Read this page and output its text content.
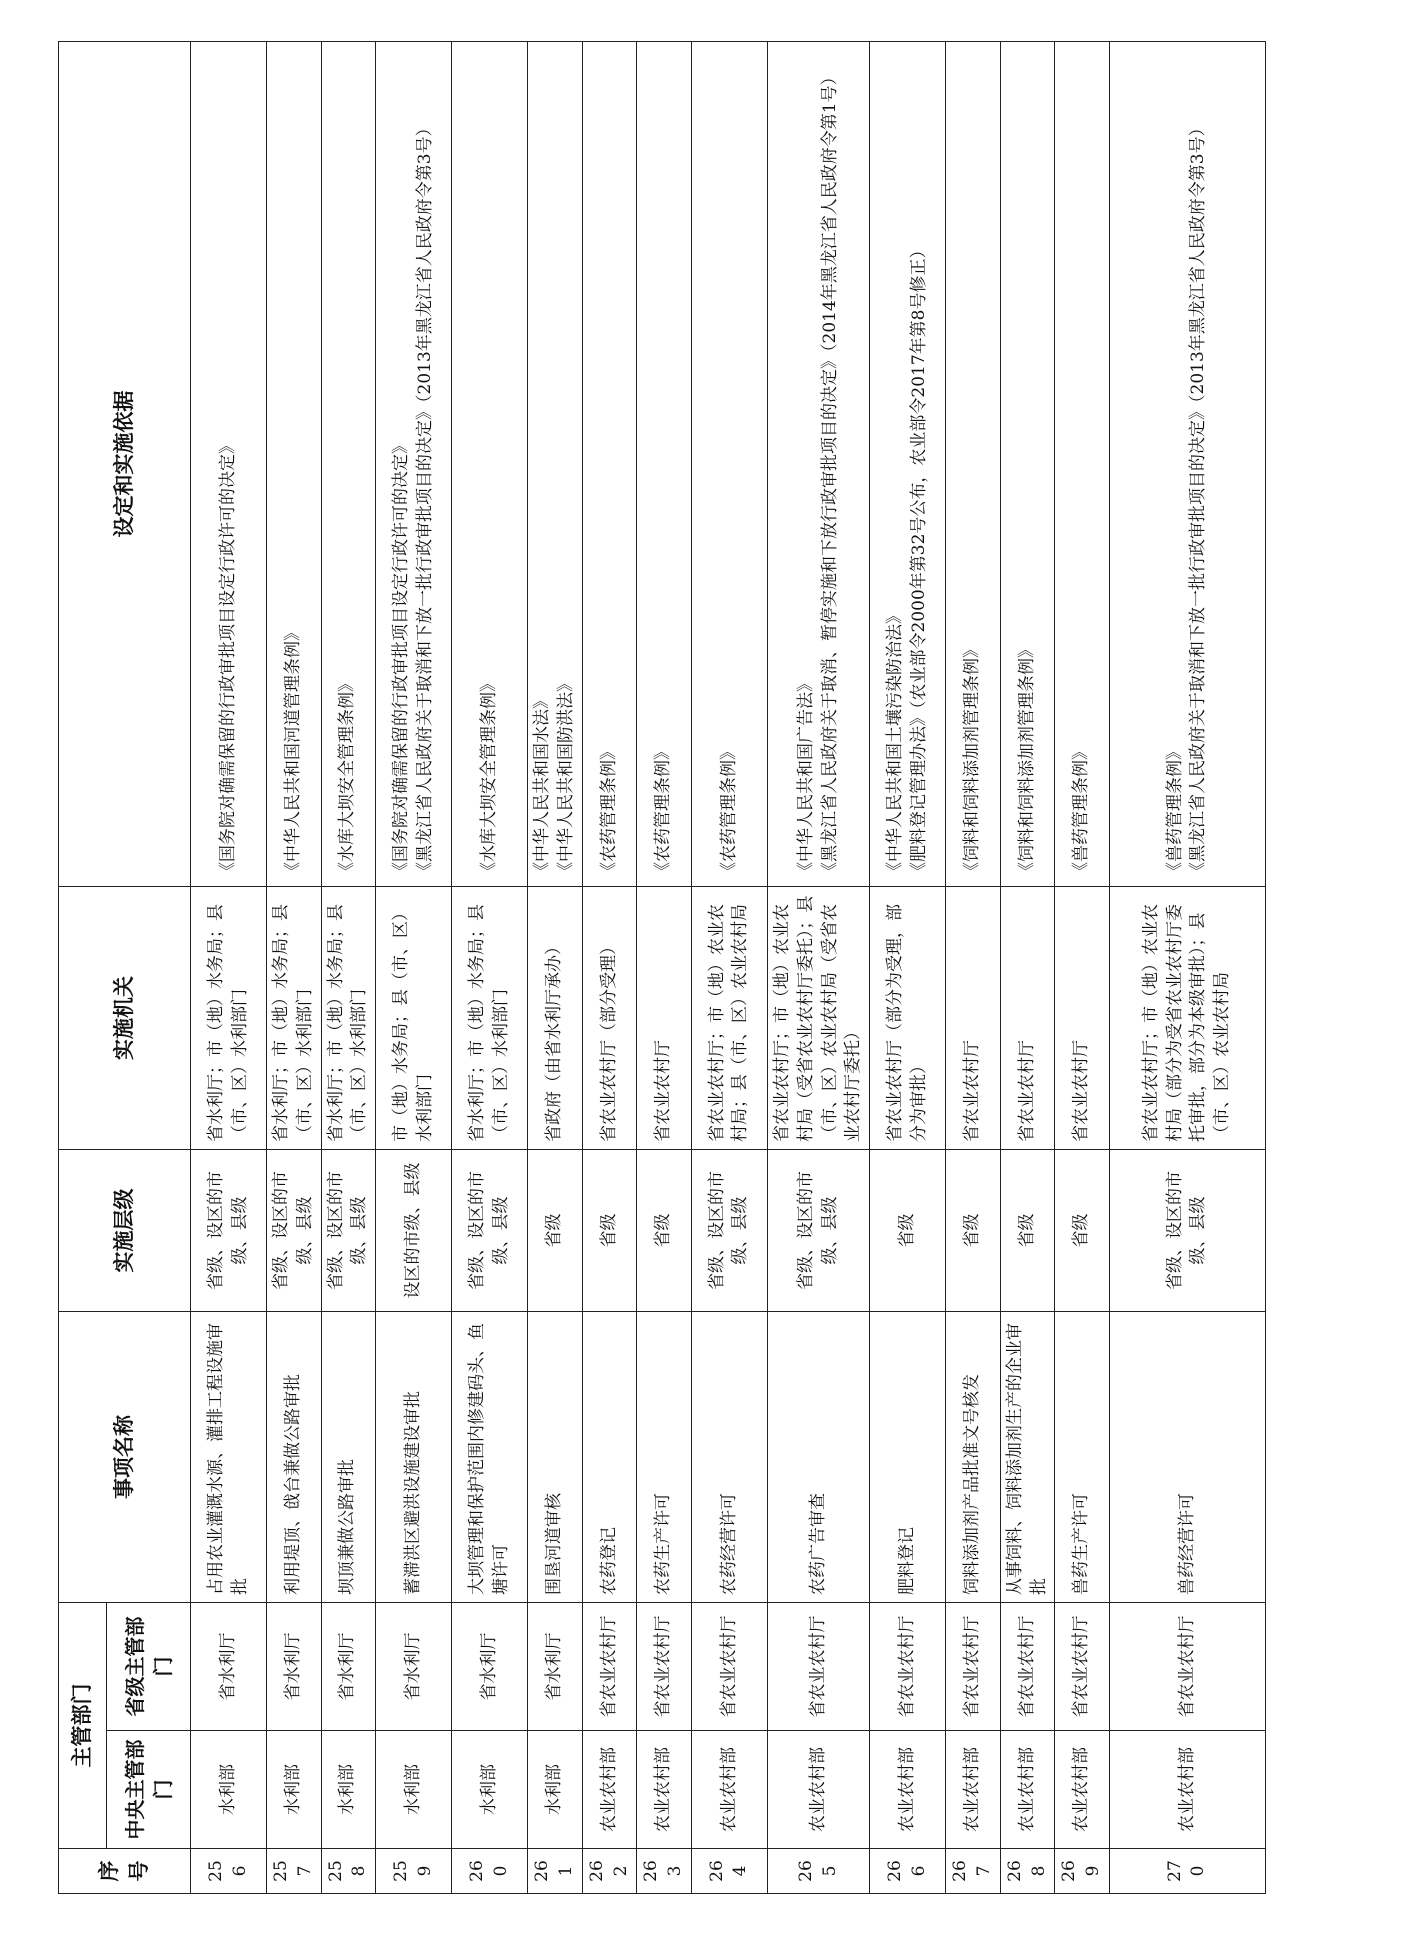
序号	主管部门		事项名称	实施层级	实施机关	设定和实施依据
	中央主管部门	省级主管部门				
256	水利部	省水利厅	占用农业灌溉水源、灌排工程设施审批	省级、设区的市级、县级	省水利厅；市（地）水务局；县（市、区）水利部门	《国务院对确需保留的行政审批项目设定行政许可的决定》
257	水利部	省水利厅	利用堤顶、戗台兼做公路审批	省级、设区的市级、县级	省水利厅；市（地）水务局；县（市、区）水利部门	《中华人民共和国河道管理条例》
258	水利部	省水利厅	坝顶兼做公路审批	省级、设区的市级、县级	省水利厅；市（地）水务局；县（市、区）水利部门	《水库大坝安全管理条例》
259	水利部	省水利厅	蓄滞洪区避洪设施建设审批	设区的市级、县级	市（地）水务局；县（市、区）水利部门	《国务院对确需保留的行政审批项目设定行政许可的决定》
《黑龙江省人民政府关于取消和下放一批行政审批项目的决定》（2013年黑龙江省人民政府令第3号）
260	水利部	省水利厅	大坝管理和保护范围内修建码头、鱼塘许可	省级、设区的市级、县级	省水利厅；市（地）水务局；县（市、区）水利部门	《水库大坝安全管理条例》
261	水利部	省水利厅	围垦河道审核	省级	省政府（由省水利厅承办）	《中华人民共和国水法》
《中华人民共和国防洪法》
262	农业农村部	省农业农村厅	农药登记	省级	省农业农村厅（部分受理）	《农药管理条例》
263	农业农村部	省农业农村厅	农药生产许可	省级	省农业农村厅	《农药管理条例》
264	农业农村部	省农业农村厅	农药经营许可	省级、设区的市级、县级	省农业农村厅；市（地）农业农村局；县（市、区）农业农村局	《农药管理条例》
265	农业农村部	省农业农村厅	农药广告审查	省级、设区的市级、县级	省农业农村厅；市（地）农业农村局（受省农业农村厅委托）；县（市、区）农业农村局（受省农业农村厅委托）	《中华人民共和国广告法》
《黑龙江省人民政府关于取消、暂停实施和下放行政审批项目的决定》（2014年黑龙江省人民政府令第1号）
266	农业农村部	省农业农村厅	肥料登记	省级	省农业农村厅（部分为受理，部分为审批）	《中华人民共和国土壤污染防治法》
《肥料登记管理办法》（农业部令2000年第32号公布，农业部令2017年第8号修正）
267	农业农村部	省农业农村厅	饲料添加剂产品批准文号核发	省级	省农业农村厅	《饲料和饲料添加剂管理条例》
268	农业农村部	省农业农村厅	从事饲料、饲料添加剂生产的企业审批	省级	省农业农村厅	《饲料和饲料添加剂管理条例》
269	农业农村部	省农业农村厅	兽药生产许可	省级	省农业农村厅	《兽药管理条例》
270	农业农村部	省农业农村厅	兽药经营许可	省级、设区的市级、县级	省农业农村厅；市（地）农业农村局（部分为受省农业农村厅委托审批，部分为本级审批）；县（市、区）农业农村局	《兽药管理条例》
《黑龙江省人民政府关于取消和下放一批行政审批项目的决定》（2013年黑龙江省人民政府令第3号）
